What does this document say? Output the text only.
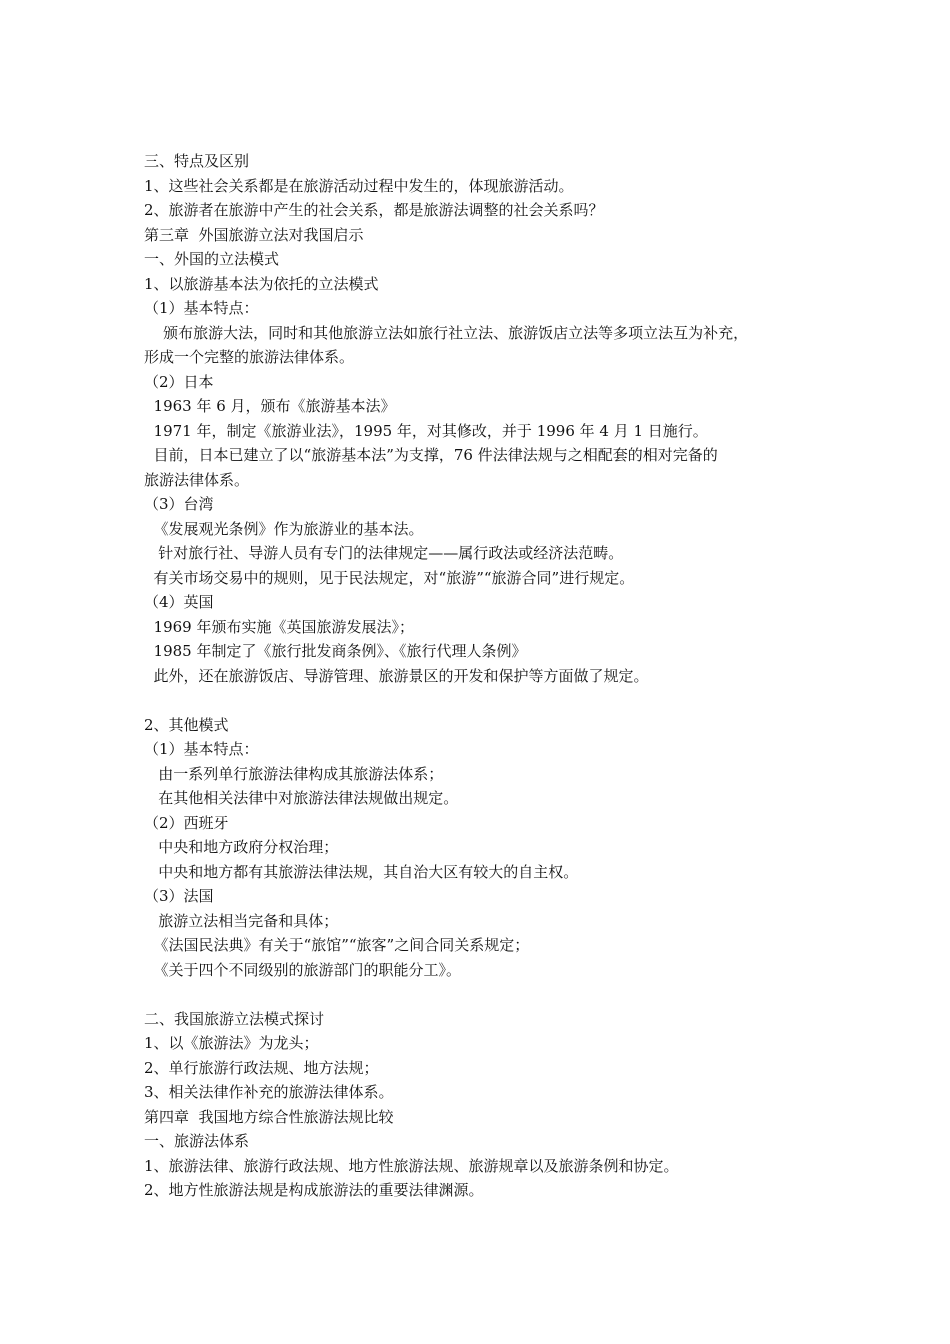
三、特点及区别
1、这些社会关系都是在旅游活动过程中发生的，体现旅游活动。
2、旅游者在旅游中产生的社会关系，都是旅游法调整的社会关系吗？
第三章  外国旅游立法对我国启示
一、外国的立法模式
1、以旅游基本法为依托的立法模式
（1）基本特点：
颁布旅游大法，同时和其他旅游立法如旅行社立法、旅游饭店立法等多项立法互为补充，
形成一个完整的旅游法律体系。
（2）日本
1963 年 6 月，颁布《旅游基本法》
1971 年，制定《旅游业法》，1995 年，对其修改，并于 1996 年 4 月 1 日施行。
目前，日本已建立了以“旅游基本法”为支撑，76 件法律法规与之相配套的相对完备的
旅游法律体系。
（3）台湾
《发展观光条例》作为旅游业的基本法。
针对旅行社、导游人员有专门的法律规定——属行政法或经济法范畴。
有关市场交易中的规则，见于民法规定，对“旅游”“旅游合同”进行规定。
（4）英国
1969 年颁布实施《英国旅游发展法》；
1985 年制定了《旅行批发商条例》、《旅行代理人条例》
此外，还在旅游饭店、导游管理、旅游景区的开发和保护等方面做了规定。
2、其他模式
（1）基本特点：
由一系列单行旅游法律构成其旅游法体系；
在其他相关法律中对旅游法律法规做出规定。
（2）西班牙
中央和地方政府分权治理；
中央和地方都有其旅游法律法规，其自治大区有较大的自主权。
（3）法国
旅游立法相当完备和具体；
《法国民法典》有关于“旅馆”“旅客”之间合同关系规定；
《关于四个不同级别的旅游部门的职能分工》。
二、我国旅游立法模式探讨
1、以《旅游法》为龙头；
2、单行旅游行政法规、地方法规；
3、相关法律作补充的旅游法律体系。
第四章  我国地方综合性旅游法规比较
一、旅游法体系
1、旅游法律、旅游行政法规、地方性旅游法规、旅游规章以及旅游条例和协定。
2、地方性旅游法规是构成旅游法的重要法律渊源。
